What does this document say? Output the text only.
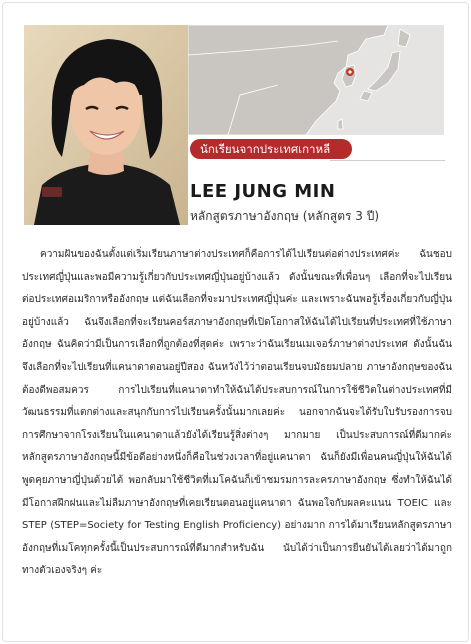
นักเรียนจากประเทศเกาหลี
LEE JUNG MIN
หลักสูตรภาษาอังกฤษ (หลักสูตร 3 ปี)

ความฝันของฉันตั้งแต่เริ่มเรียนภาษาต่างประเทศก็คือการได้ไปเรียนต่อต่างประเทศค่ะ ฉันชอบประเทศญี่ปุ่นและพอมีความรู้เกี่ยวกับประเทศญี่ปุ่นอยู่บ้างแล้ว ดังนั้นขณะที่เพื่อนๆ เลือกที่จะไปเรียนต่อประเทศอเมริกาหรืออังกฤษ แต่ฉันเลือกที่จะมาประเทศญี่ปุ่นค่ะ และเพราะฉันพอรู้เรื่องเกี่ยวกับญี่ปุ่นอยู่บ้างแล้ว ฉันจึงเลือกที่จะเรียนคอร์สภาษาอังกฤษที่เปิดโอกาสให้ฉันได้ไปเรียนที่ประเทศที่ใช้ภาษาอังกฤษ ฉันคิดว่ามีเป็นการเลือกที่ถูกต้องที่สุดค่ะ เพราะว่าฉันเรียนเมเจอร์ภาษาต่างประเทศ ดังนั้นฉันจึงเลือกที่จะไปเรียนที่แคนาดาตอนอยู่ปีสอง ฉันหวังไว้ว่าตอนเรียนจบมัธยมปลาย ภาษาอังกฤษของฉันต้องดีพอสมควร การไปเรียนที่แคนาดาทำให้ฉันได้ประสบการณ์ในการใช้ชีวิตในต่างประเทศที่มีวัฒนธรรมที่แตกต่างและสนุกกับการไปเรียนครั้งนั้นมากเลยค่ะ นอกจากฉันจะได้รับใบรับรองการจบการศึกษาจากโรงเรียนในแคนาดาแล้วยังได้เรียนรู้สิ่งต่างๆ มากมาย เป็นประสบการณ์ที่ดีมากค่ะ หลักสูตรภาษาอังกฤษนี้มีข้อดีอย่างหนึ่งก็คือในช่วงเวลาที่อยู่แคนาดา ฉันก็ยังมีเพื่อนคนญี่ปุ่นให้ฉันได้พูดคุยภาษาญี่ปุ่นด้วยได้ พอกลับมาใช้ชีวิตที่เมโคฉันก็เข้าชมรมการละครภาษาอังกฤษ ซึ่งทำให้ฉันได้มีโอกาสฝึกฝนและไม่ลืมภาษาอังกฤษที่เคยเรียนตอนอยู่แคนาดา ฉันพอใจกับผลคะแนน TOEIC และ STEP (STEP=Society for Testing English Proficiency) อย่างมาก การได้มาเรียนหลักสูตรภาษาอังกฤษที่เมโคทุกครั้งนี้เป็นประสบการณ์ที่ดีมากสำหรับฉัน นับได้ว่าเป็นการยืนยันได้เลยว่าได้มาถูกทางตัวเองจริงๆ ค่ะ
